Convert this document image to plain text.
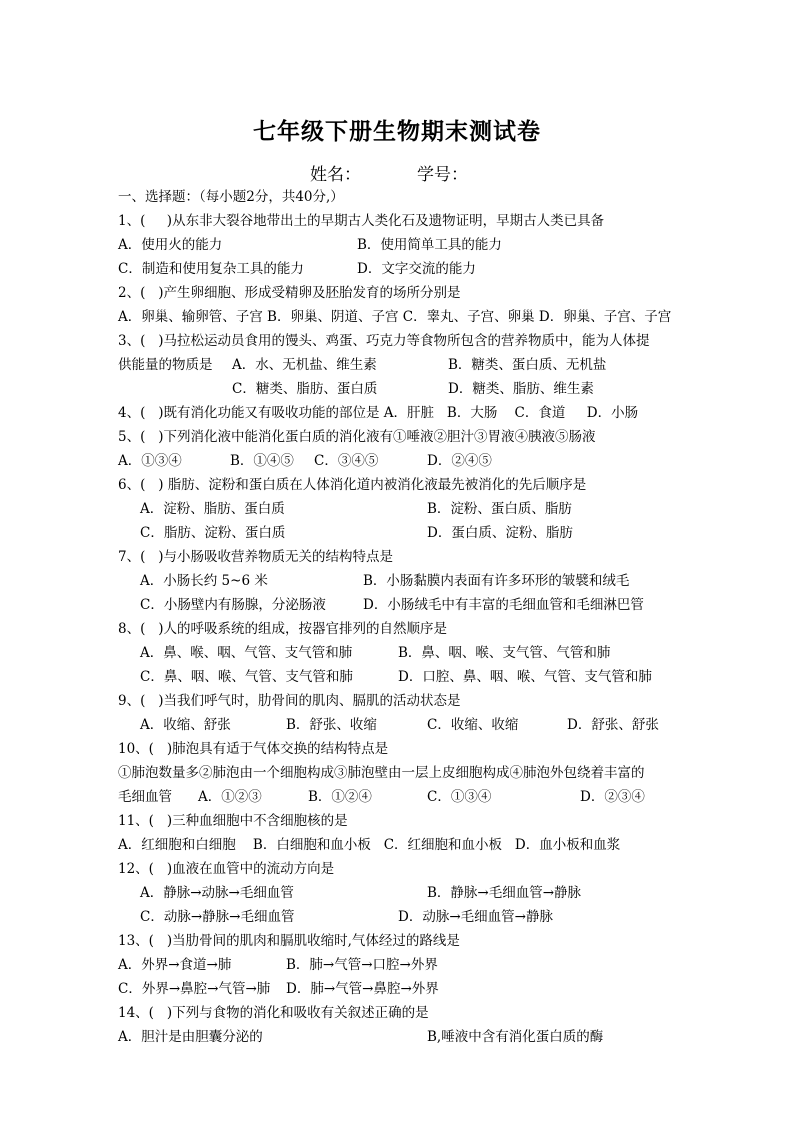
七年级下册生物期末测试卷
姓名：	学号：
一、选择题：（每小题2分，共40分,）
1、(     )从东非大裂谷地带出土的早期古人类化石及遗物证明，早期古人类已具备
A．使用火的能力	B．使用简单工具的能力
C．制造和使用复杂工具的能力	D．文字交流的能力
2、(   )产生卵细胞、形成受精卵及胚胎发育的场所分别是
A．卵巢、输卵管、子宫 B．卵巢、阴道、子宫 C．睾丸、子宫、卵巢 D．卵巢、子宫、子宫
3、(   )马拉松运动员食用的馒头、鸡蛋、巧克力等食物所包含的营养物质中，能为人体提
供能量的物质是 A．水、无机盐、维生素	B．糖类、蛋白质、无机盐
C．糖类、脂肪、蛋白质	D．糖类、脂肪、维生素
4、(   )既有消化功能又有吸收功能的部位是 A．肝脏   B．大肠    C．食道     D．小肠
5、(   )下列消化液中能消化蛋白质的消化液有①唾液②胆汁③胃液④胰液⑤肠液
A．①③④	B．①④⑤ C．③④⑤	D．②④⑤
6、(   ) 脂肪、淀粉和蛋白质在人体消化道内被消化液最先被消化的先后顺序是
A．淀粉、脂肪、蛋白质	B．淀粉、蛋白质、脂肪
C．脂肪、淀粉、蛋白质	D．蛋白质、淀粉、脂肪
7、(   )与小肠吸收营养物质无关的结构特点是
A．小肠长约 5~6 米	B．小肠黏膜内表面有许多环形的皱襞和绒毛
C．小肠壁内有肠腺，分泌肠液	D．小肠绒毛中有丰富的毛细血管和毛细淋巴管
8、(   )人的呼吸系统的组成，按器官排列的自然顺序是
A．鼻、喉、咽、气管、支气管和肺	B．鼻、咽、喉、支气管、气管和肺
C．鼻、咽、喉、气管、支气管和肺	D．口腔、鼻、咽、喉、气管、支气管和肺
9、(   )当我们呼气时，肋骨间的肌肉、膈肌的活动状态是
A．收缩、舒张	B．舒张、收缩	C．收缩、收缩	D．舒张、舒张
10、(   )肺泡具有适于气体交换的结构特点是
①肺泡数量多②肺泡由一个细胞构成③肺泡壁由一层上皮细胞构成④肺泡外包绕着丰富的
毛细血管 A．①②③	B．①②④	C．①③④	D．②③④
11、(   )三种血细胞中不含细胞核的是
A．红细胞和白细胞    B．白细胞和血小板   C．红细胞和血小板   D．血小板和血浆
12、(   )血液在血管中的流动方向是
A．静脉→动脉→毛细血管	B．静脉→毛细血管→静脉
C．动脉→静脉→毛细血管	D．动脉→毛细血管→静脉
13、(   )当肋骨间的肌肉和膈肌收缩时,气体经过的路线是
A．外界→食道→肺	B．肺→气管→口腔→外界
C．外界→鼻腔→气管→肺 D．肺→气管→鼻腔→外界
14、(   )下列与食物的消化和吸收有关叙述正确的是
A．胆汁是由胆囊分泌的	B,唾液中含有消化蛋白质的酶
